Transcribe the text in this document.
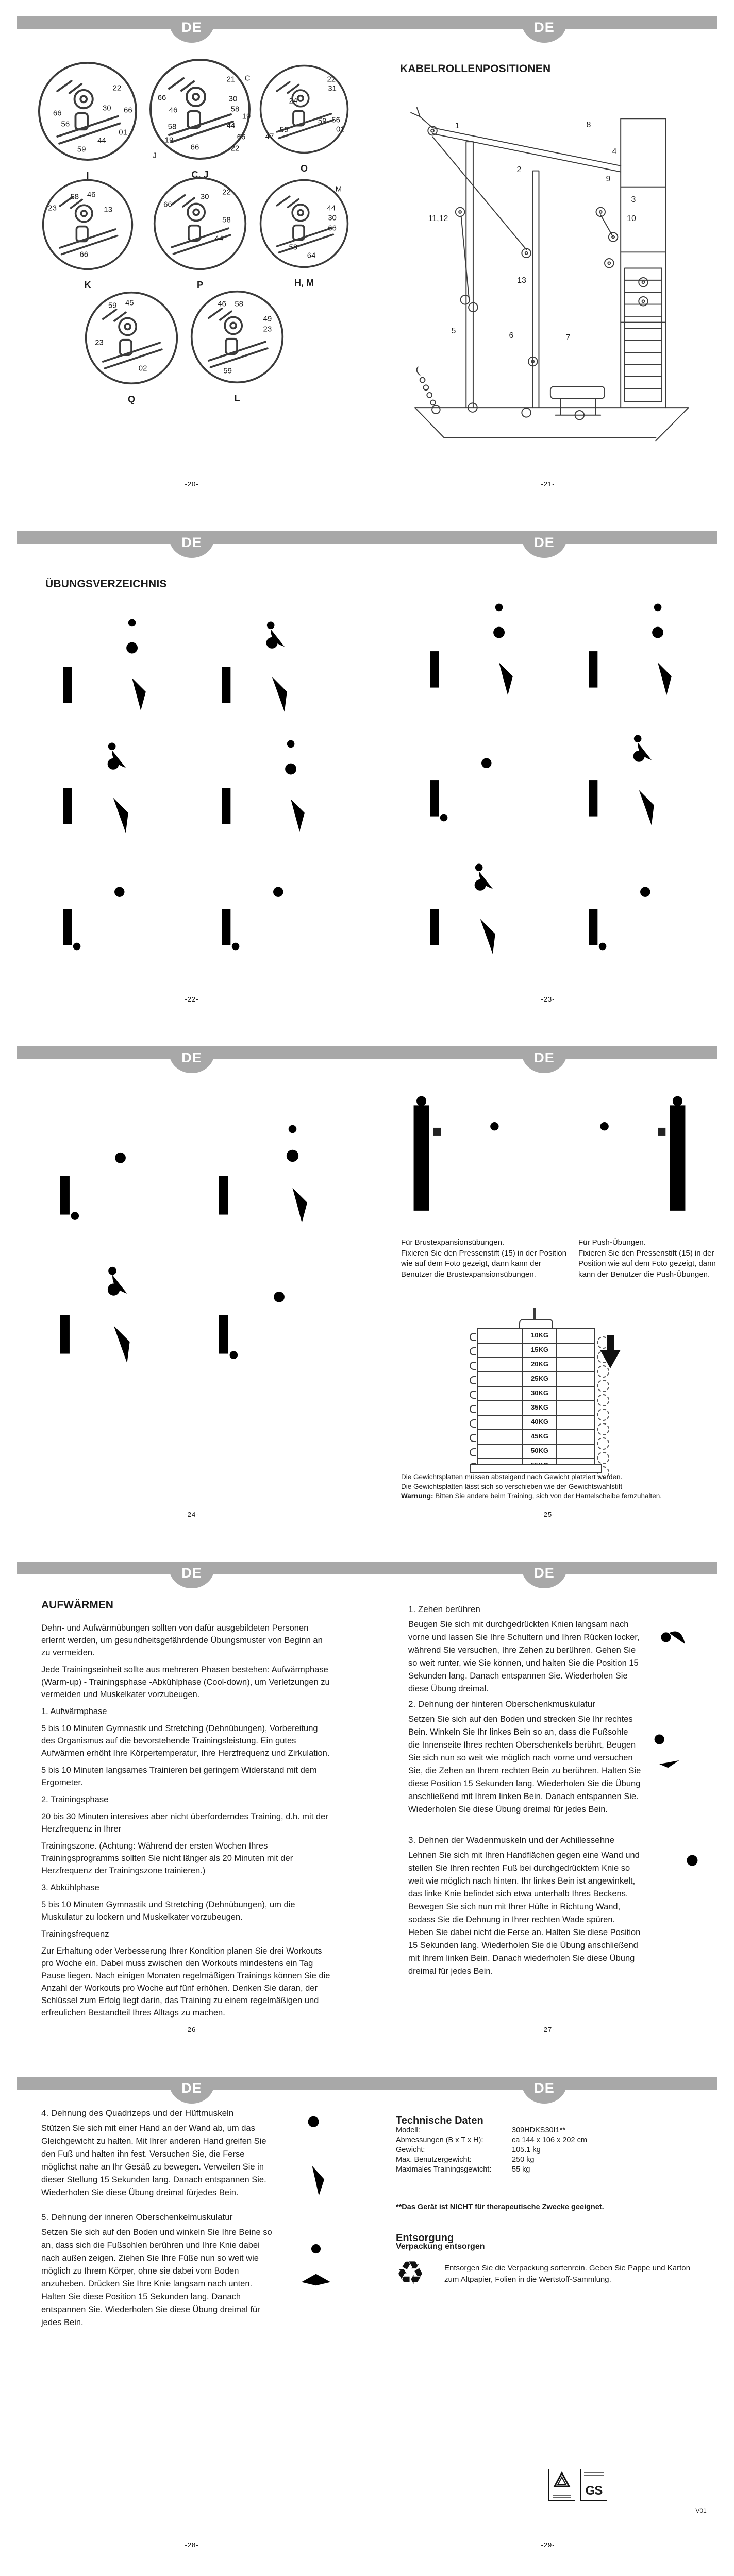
DE	DE
DE	DE
DE	DE
DE	DE
DE	DE
I
22
30
66	66
56
01
44
59
C, J
21 C
66	30
46	58
19
58	44
19
66
66
22
J
O
22
31
24
59 56
59	01
47
K
58 46
23	13
66
P
30
22
66
58
44
H, M
M
44
30
66
58
64
Q
59 45
23
02
L
46 58
49
23
59
-20-
KABELROLLENPOSITIONEN
1
2
8
4
9
3
10
11,12
13
5
6	7
-21-
ÜBUNGSVERZEICHNIS
-22-	-23-
-24-
Für Brustexpansionsübungen.
Fixieren Sie den Pressenstift (15) in der Position wie auf dem Foto gezeigt, dann kann der Benutzer die Brustexpansionsübungen.
Für Push-Übungen.
Fixieren Sie den Pressenstift (15) in der Position wie auf dem Foto gezeigt, dann kann der Benutzer die Push-Übungen.
10KG
15KG
20KG
25KG
30KG
35KG
40KG
45KG
50KG
Die Gewichtsplatten müssen absteigend nach Gewicht platziert werden.
Die Gewichtsplatten lässt sich so verschieben wie der Gewichtswahlstift
Warnung: Bitten Sie andere beim Training, sich von der Hantelscheibe fernzuhalten.
-25-
AUFWÄRMEN
Dehn- und Aufwärmübungen sollten von dafür ausgebildeten Personen erlernt werden, um gesundheitsgefährdende Übungsmuster von Beginn an zu vermeiden.
Jede Trainingseinheit sollte aus mehreren Phasen bestehen: Aufwärmphase (Warm-up) - Trainingsphase -Abkühlphase (Cool-down), um Verletzungen zu vermeiden und Muskelkater vorzubeugen.
1. Aufwärmphase
5 bis 10 Minuten Gymnastik und Stretching (Dehnübungen), Vorbereitung des Organismus auf die bevorstehende Trainingsleistung. Ein gutes Aufwärmen erhöht Ihre Körpertemperatur, Ihre Herzfrequenz und Zirkulation.
5 bis 10 Minuten langsames Trainieren bei geringem Widerstand mit dem Ergometer.
2. Trainingsphase
20 bis 30 Minuten intensives aber nicht überforderndes Training, d.h. mit der Herzfrequenz in Ihrer
Trainingszone. (Achtung: Während der ersten Wochen Ihres Trainingsprogramms sollten Sie nicht länger als 20 Minuten mit der Herzfrequenz der Trainingszone trainieren.)
3. Abkühlphase
5 bis 10 Minuten Gymnastik und Stretching (Dehnübungen), um die Muskulatur zu lockern und Muskelkater vorzubeugen.
Trainingsfrequenz
Zur Erhaltung oder Verbesserung Ihrer Kondition planen Sie drei Workouts pro Woche ein. Dabei muss zwischen den Workouts mindestens ein Tag Pause liegen. Nach einigen Monaten regelmäßigen Trainings können Sie die Anzahl der Workouts pro Woche auf fünf erhöhen. Denken Sie daran, der Schlüssel zum Erfolg liegt darin, das Training zu einem regelmäßigen und erfreulichen Bestandteil Ihres Alltags zu machen.
-26-
1. Zehen berühren
Beugen Sie sich mit durchgedrückten Knien langsam nach vorne und lassen Sie Ihre Schultern und Ihren Rücken locker, während Sie versuchen, Ihre Zehen zu berühren. Gehen Sie so weit runter, wie Sie können, und halten Sie die Position 15 Sekunden lang. Danach entspannen Sie. Wiederholen Sie diese Übung dreimal.
2. Dehnung der hinteren Oberschenkmuskulatur
Setzen Sie sich auf den Boden und strecken Sie Ihr rechtes Bein. Winkeln Sie Ihr linkes Bein so an, dass die Fußsohle die Innenseite Ihres rechten Oberschenkels berührt, Beugen Sie sich nun so weit wie möglich nach vorne und versuchen Sie, die Zehen an Ihrem rechten Bein zu berühren. Halten Sie diese Position 15 Sekunden lang. Wiederholen Sie die Übung anschließend mit Ihrem linken Bein. Danach entspannen Sie. Wiederholen Sie diese Übung dreimal für jedes Bein.
3. Dehnen der Wadenmuskeln und der Achillessehne
Lehnen Sie sich mit Ihren Handflächen gegen eine Wand und stellen Sie Ihren rechten Fuß bei durchgedrücktem Knie so weit wie möglich nach hinten. Ihr linkes Bein ist angewinkelt, das linke Knie befindet sich etwa unterhalb Ihres Beckens. Bewegen Sie sich nun mit Ihrer Hüfte in Richtung Wand, sodass Sie die Dehnung in Ihrer rechten Wade spüren. Heben Sie dabei nicht die Ferse an. Halten Sie diese Position 15 Sekunden lang. Wiederholen Sie die Übung anschließend mit Ihrem linken Bein. Danach wiederholen Sie diese Übung dreimal für jedes Bein.
-27-
4. Dehnung des Quadrizeps und der Hüftmuskeln
Stützen Sie sich mit einer Hand an der Wand ab, um das Gleichgewicht zu halten. Mit Ihrer anderen Hand greifen Sie den Fuß und halten ihn fest. Versuchen Sie, die Ferse möglichst nahe an Ihr Gesäß zu bewegen. Verweilen Sie in dieser Stellung 15 Sekunden lang. Danach entspannen Sie. Wiederholen Sie diese Übung dreimal fürjedes Bein.
5. Dehnung der inneren Oberschenkelmuskulatur
Setzen Sie sich auf den Boden und winkeln Sie Ihre Beine so an, dass sich die Fußsohlen berühren und Ihre Knie dabei nach außen zeigen. Ziehen Sie Ihre Füße nun so weit wie möglich zu Ihrem Körper, ohne sie dabei vom Boden anzuheben. Drücken Sie Ihre Knie langsam nach unten. Halten Sie diese Position 15 Sekunden lang. Danach entspannen Sie. Wiederholen Sie diese Übung dreimal für jedes Bein.
-28-
Technische Daten
Modell:	309HDKS30I1**
Abmessungen (B x T x H):	ca 144 x 106 x 202 cm
Gewicht:	105.1 kg
Max. Benutzergewicht:	250 kg
Maximales Trainingsgewicht:	55 kg
**Das Gerät ist NICHT für therapeutische Zwecke geeignet.
Entsorgung
Verpackung entsorgen
♻	Entsorgen Sie die Verpackung sortenrein. Geben Sie Pappe und Karton zum Altpapier, Folien in die Wertstoff-Sammlung.
GS
V01
-29-
